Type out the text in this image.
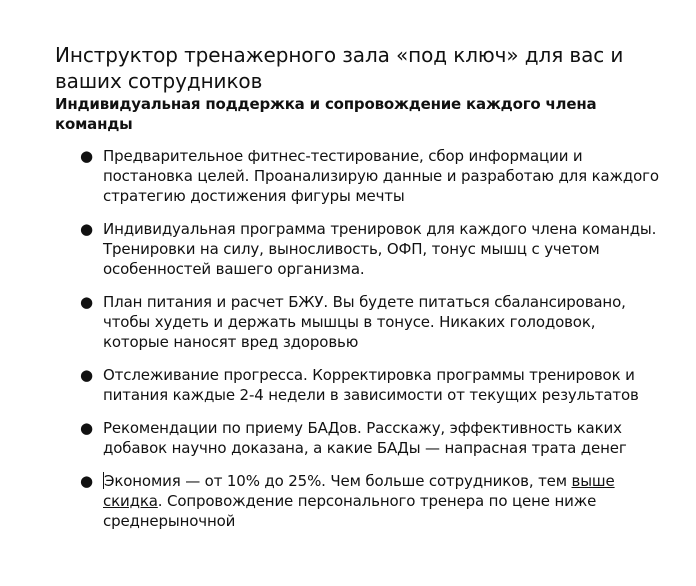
Инструктор тренажерного зала «под ключ» для вас и ваших сотрудников
Индивидуальная поддержка и сопровождение каждого члена команды
● Предварительное фитнес-тестирование, сбор информации и постановка целей. Проанализирую данные и разработаю для каждого стратегию достижения фигуры мечты
● Индивидуальная программа тренировок для каждого члена команды. Тренировки на силу, выносливость, ОФП, тонус мышц с учетом особенностей вашего организма.
● План питания и расчет БЖУ. Вы будете питаться сбалансировано, чтобы худеть и держать мышцы в тонусе. Никаких голодовок, которые наносят вред здоровью
● Отслеживание прогресса. Корректировка программы тренировок и питания каждые 2-4 недели в зависимости от текущих результатов
● Рекомендации по приему БАДов. Расскажу, эффективность каких добавок научно доказана, а какие БАДы — напрасная трата денег
● Экономия — от 10% до 25%. Чем больше сотрудников, тем выше скидка. Сопровождение персонального тренера по цене ниже среднерыночной
